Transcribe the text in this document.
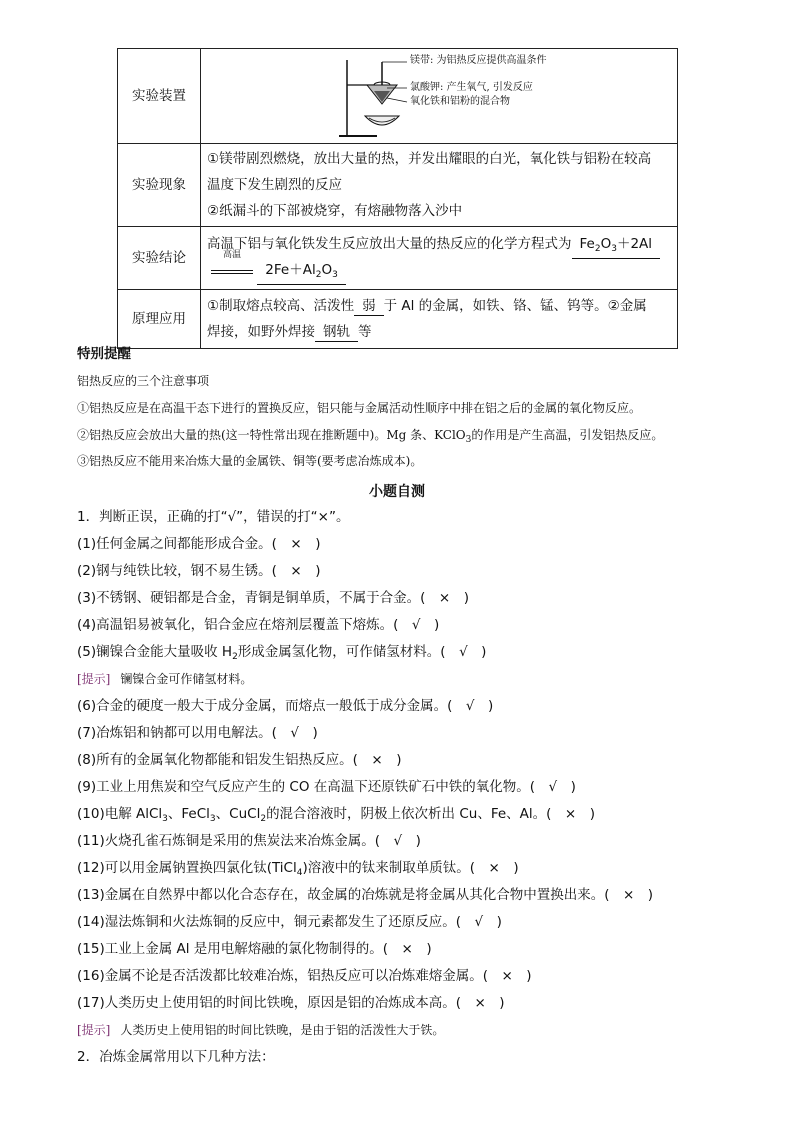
实验装置	镁带: 为铝热反应提供高温条件
氯酸钾: 产生氧气, 引发反应
氧化铁和铝粉的混合物

实验现象	①镁带剧烈燃烧，放出大量的热，并发出耀眼的白光，氧化铁与铝粉在较高
温度下发生剧烈的反应
②纸漏斗的下部被烧穿，有熔融物落入沙中

实验结论	高温下铝与氧化铁发生反应放出大量的热反应的化学方程式为 $Fe_2O_3+2Al$
高温
$2Fe+Al_2O_3$

原理应用	①制取熔点较高、活泼性 弱 于 Al 的金属，如铁、铬、锰、钨等。②金属
焊接，如野外焊接 钢轨 等
特别提醒
铝热反应的三个注意事项
①铝热反应是在高温干态下进行的置换反应，铝只能与金属活动性顺序中排在铝之后的金属的氧化物反应。
②铝热反应会放出大量的热(这一特性常出现在推断题中)。Mg 条、KClO$_3$的作用是产生高温，引发铝热反应。
③铝热反应不能用来冶炼大量的金属铁、铜等(要考虑冶炼成本)。
小题自测
1．判断正误，正确的打“√”，错误的打“×”。
(1)任何金属之间都能形成合金。(　×　)
(2)钢与纯铁比较，钢不易生锈。(　×　)
(3)不锈钢、硬铝都是合金，青铜是铜单质，不属于合金。(　×　)
(4)高温铝易被氧化，铝合金应在熔剂层覆盖下熔炼。(　√　)
(5)镧镍合金能大量吸收 $H_2$形成金属氢化物，可作储氢材料。(　√　)
[提示] 镧镍合金可作储氢材料。
(6)合金的硬度一般大于成分金属，而熔点一般低于成分金属。(　√　)
(7)冶炼铝和钠都可以用电解法。(　√　)
(8)所有的金属氧化物都能和铝发生铝热反应。(　×　)
(9)工业上用焦炭和空气反应产生的 CO 在高温下还原铁矿石中铁的氧化物。(　√　)
(10)电解 AlCl$_3$、FeCl$_3$、CuCl$_2$的混合溶液时，阴极上依次析出 Cu、Fe、Al。(　×　)
(11)火烧孔雀石炼铜是采用的焦炭法来冶炼金属。(　√　)
(12)可以用金属钠置换四氯化钛(TiCl$_4$)溶液中的钛来制取单质钛。(　×　)
(13)金属在自然界中都以化合态存在，故金属的冶炼就是将金属从其化合物中置换出来。(　×　)
(14)湿法炼铜和火法炼铜的反应中，铜元素都发生了还原反应。(　√　)
(15)工业上金属 Al 是用电解熔融的氯化物制得的。(　×　)
(16)金属不论是否活泼都比较难冶炼，铝热反应可以冶炼难熔金属。(　×　)
(17)人类历史上使用铝的时间比铁晚，原因是铝的冶炼成本高。(　×　)
[提示] 人类历史上使用铝的时间比铁晚，是由于铝的活泼性大于铁。
2．冶炼金属常用以下几种方法：
